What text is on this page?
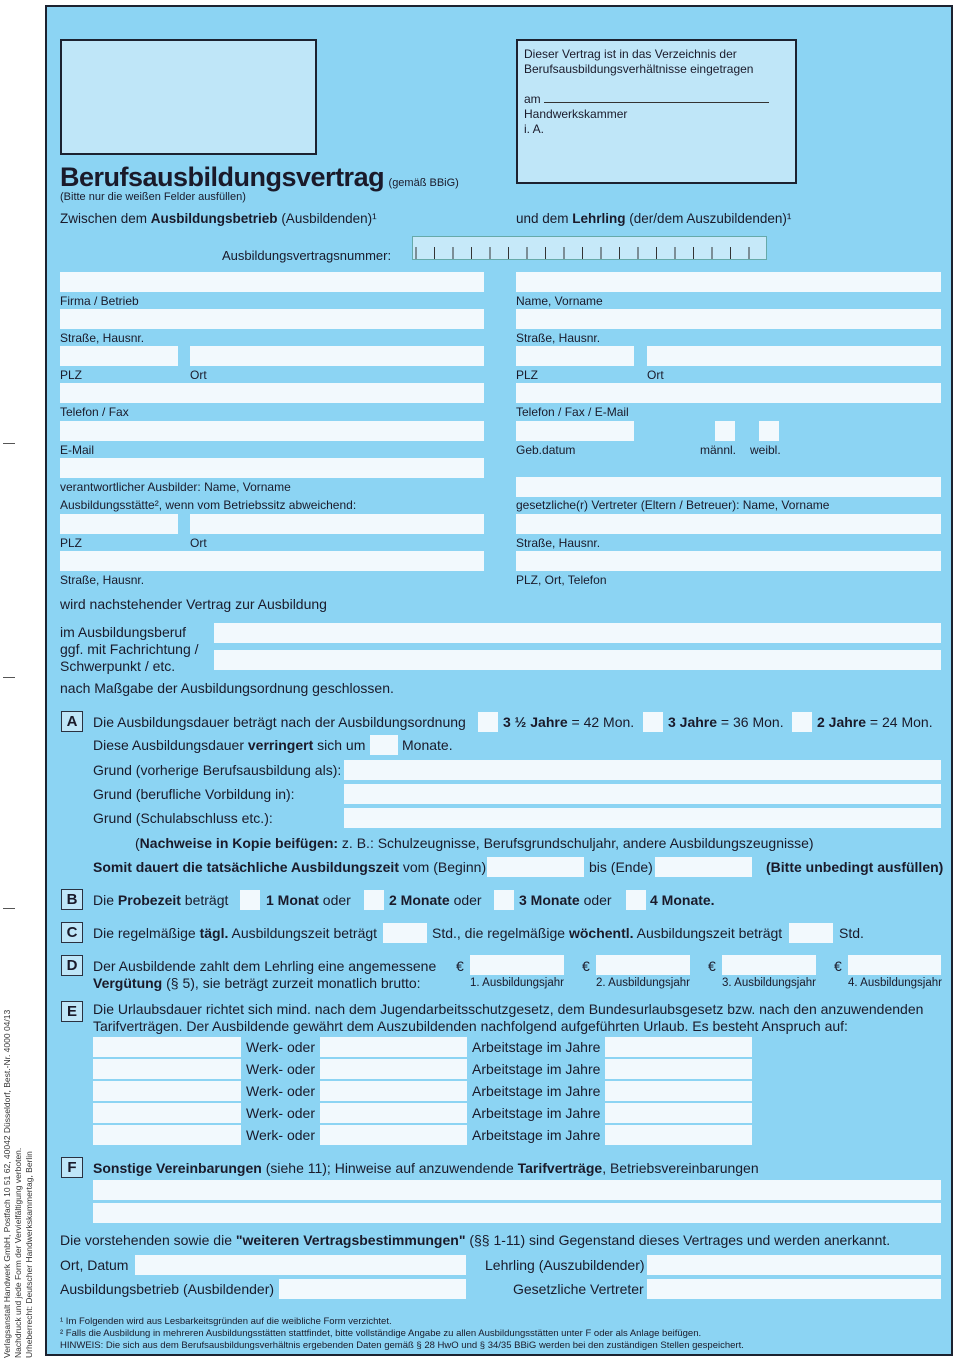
Verlagsanstalt Handwerk GmbH, Postfach 10 51 62, 40042 Düsseldorf, Best.-Nr. 4000 04/13 Nachdruck und jede Form der Vervielfältigung verboten. Urheberrecht: Deutscher Handwerkskammertag, Berlin
Dieser Vertrag ist in das Verzeichnis der
Berufsausbildungsverhältnisse eingetragen
am
Handwerkskammer
i. A.
Berufsausbildungsvertrag (gemäß BBiG)
(Bitte nur die weißen Felder ausfüllen)
Zwischen dem Ausbildungsbetrieb (Ausbildenden)¹	und dem Lehrling (der/dem Auszubildenden)¹
Ausbildungsvertragsnummer:
Firma / Betrieb
Straße, Hausnr.
PLZ	Ort
Telefon / Fax
E-Mail
verantwortlicher Ausbilder: Name, Vorname
Ausbildungsstätte², wenn vom Betriebssitz abweichend:
PLZ	Ort
Straße, Hausnr.
Name, Vorname
Straße, Hausnr.
PLZ	Ort
Telefon / Fax / E-Mail
Geb.datum	männl. weibl.
gesetzliche(r) Vertreter (Eltern / Betreuer): Name, Vorname
Straße, Hausnr.
PLZ, Ort, Telefon
wird nachstehender Vertrag zur Ausbildung
im Ausbildungsberuf
ggf. mit Fachrichtung /
Schwerpunkt / etc.
nach Maßgabe der Ausbildungsordnung geschlossen.
A	Die Ausbildungsdauer beträgt nach der Ausbildungsordnung	3 ½ Jahre = 42 Mon. 3 Jahre = 36 Mon. 2 Jahre = 24 Mon.
Diese Ausbildungsdauer verringert sich um	Monate.
Grund (vorherige Berufsausbildung als):
Grund (berufliche Vorbildung in):
Grund (Schulabschluss etc.):
(Nachweise in Kopie beifügen: z. B.: Schulzeugnisse, Berufsgrundschuljahr, andere Ausbildungszeugnisse)
Somit dauert die tatsächliche Ausbildungszeit vom (Beginn)	bis (Ende)	(Bitte unbedingt ausfüllen)
B	Die Probezeit beträgt	1 Monat oder	2 Monate oder	3 Monate oder	4 Monate.
C	Die regelmäßige tägl. Ausbildungszeit beträgt	Std., die regelmäßige wöchentl. Ausbildungszeit beträgt	Std.
D	Der Ausbildende zahlt dem Lehrling eine angemessene
Vergütung (§ 5), sie beträgt zurzeit monatlich brutto:
€
1. Ausbildungsjahr
€
2. Ausbildungsjahr
€
3. Ausbildungsjahr
€
4. Ausbildungsjahr
E	Die Urlaubsdauer richtet sich mind. nach dem Jugendarbeitsschutzgesetz, dem Bundesurlaubsgesetz bzw. nach den anzuwendenden
Tarifverträgen. Der Ausbildende gewährt dem Auszubildenden nachfolgend aufgeführten Urlaub. Es besteht Anspruch auf:
Werk- oder	Arbeitstage im Jahre
Werk- oder	Arbeitstage im Jahre
Werk- oder	Arbeitstage im Jahre
Werk- oder	Arbeitstage im Jahre
Werk- oder	Arbeitstage im Jahre
F	Sonstige Vereinbarungen (siehe 11); Hinweise auf anzuwendende Tarifverträge, Betriebsvereinbarungen
Die vorstehenden sowie die "weiteren Vertragsbestimmungen" (§§ 1-11) sind Gegenstand dieses Vertrages und werden anerkannt.
Ort, Datum	Lehrling (Auszubildender)
Ausbildungsbetrieb (Ausbildender)	Gesetzliche Vertreter
¹ Im Folgenden wird aus Lesbarkeitsgründen auf die weibliche Form verzichtet.
² Falls die Ausbildung in mehreren Ausbildungsstätten stattfindet, bitte vollständige Angabe zu allen Ausbildungsstätten unter F oder als Anlage beifügen.
HINWEIS: Die sich aus dem Berufsausbildungsverhältnis ergebenden Daten gemäß § 28 HwO und § 34/35 BBiG werden bei den zuständigen Stellen gespeichert.
